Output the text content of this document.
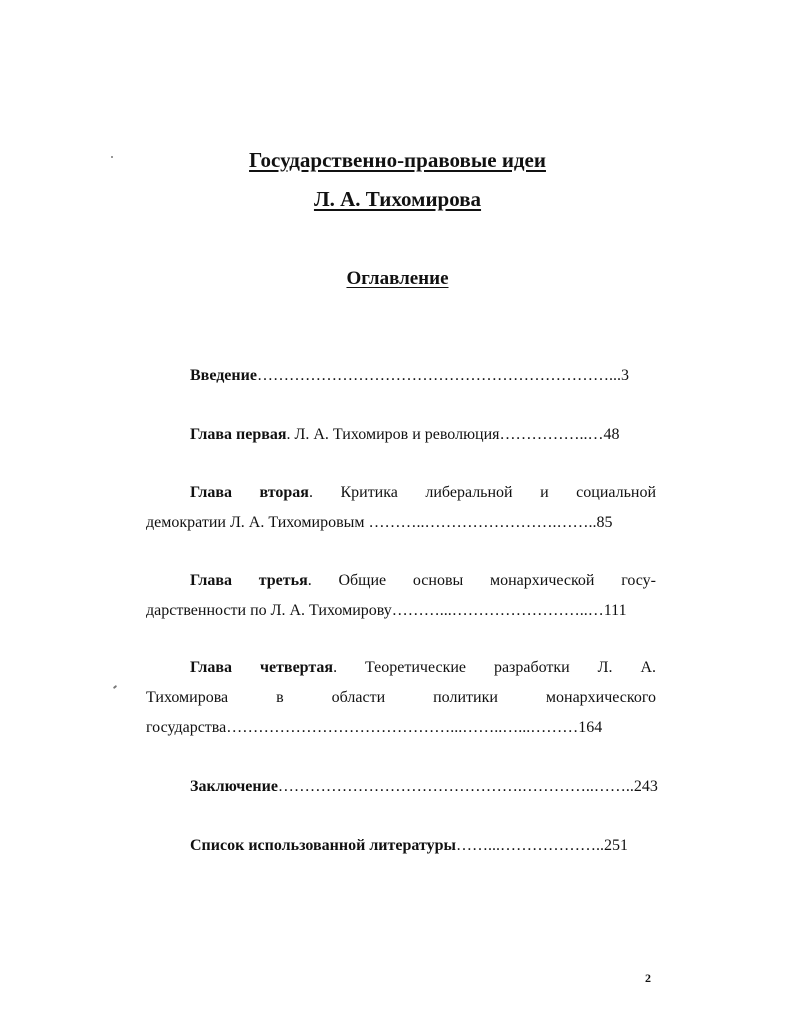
Государственно-правовые идеи
Л. А. Тихомирова
Оглавление
Введение…………………………………………………………...3
Глава первая. Л. А. Тихомиров и революция……………..…48
Глава вторая. Критика либеральной и социальной
демократии Л. А. Тихомировым ………..…………………….……..85
Глава третья. Общие основы монархической госу-
дарственности по Л. А. Тихомирову………...……………………..…111
Глава четвертая. Теоретические разработки Л. А.
Тихомирова	в	области	политики	монархического
государства……………………………………...……..…...………164
Заключение……………………………………….…………..……..243
Список использованной литературы……...………………..251
2
